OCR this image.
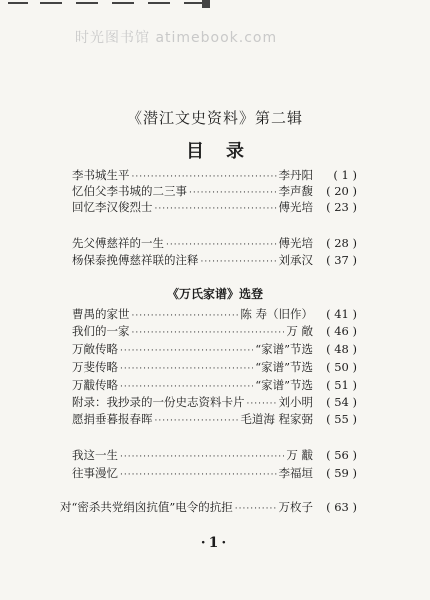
时光图书馆 atimebook.com
《潜江文史资料》第二辑
目录
李书城生平 ·····	李丹阳	( 1 )
忆伯父李书城的二三事 ·····	李声馥	( 20 )
回忆李汉俊烈士 ·····	傅光培	( 23 )
先父傅慈祥的一生 ·····	傅光培	( 28 )
杨保泰挽傅慈祥联的注释 ·····	刘承汉	( 37 )
《万氏家谱》选登
曹禺的家世 ·····	陈 寿（旧作）	( 41 )
我们的一家 ·····	万 敞	( 46 )
万敞传略 ·····	“家谱”节选	( 48 )
万斐传略 ·····	“家谱”节选	( 50 )
万黻传略 ·····	“家谱”节选	( 51 )
附录：我抄录的一份史志资料卡片 ·····	刘小明	( 54 )
愿捐垂暮报春晖 ·····	毛道海 程家弼	( 55 )
我这一生 ·····	万 黻	( 56 )
往事漫忆 ·····	李福垣	( 59 )
对“密杀共党绢囟抗值”电令的抗拒 ·····	万枚子	( 63 )
·1·
